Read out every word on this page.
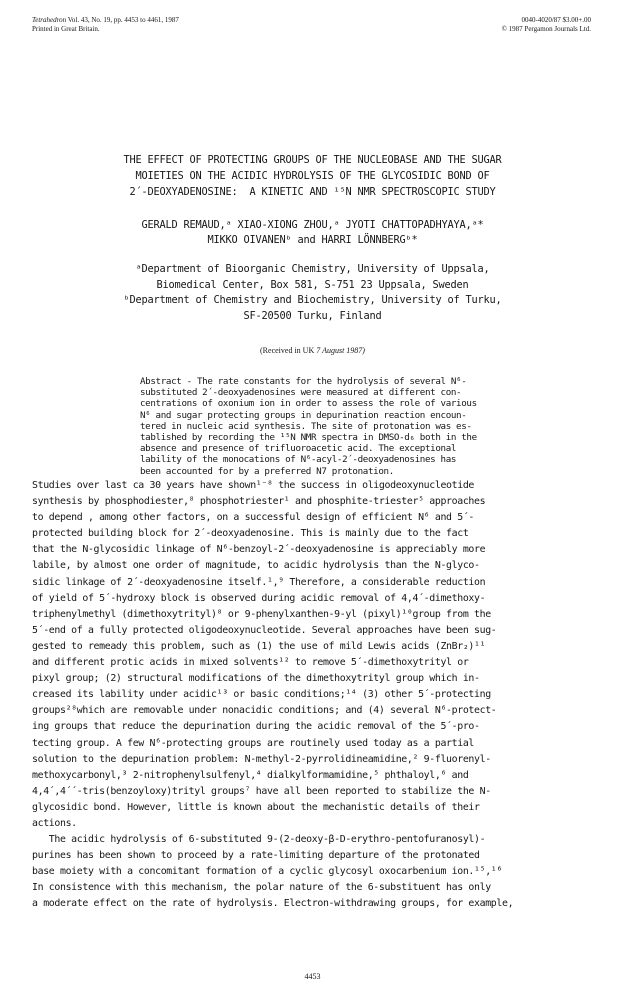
Tetrahedron Vol. 43, No. 19, pp. 4453 to 4461, 1987
Printed in Great Britain.
0040-4020/87 $3.00+.00
© 1987 Pergamon Journals Ltd.
THE EFFECT OF PROTECTING GROUPS OF THE NUCLEOBASE AND THE SUGAR
MOIETIES ON THE ACIDIC HYDROLYSIS OF THE GLYCOSIDIC BOND OF
2´-DEOXYADENOSINE:  A KINETIC AND ¹⁵N NMR SPECTROSCOPIC STUDY
GERALD REMAUD,ᵃ XIAO-XIONG ZHOU,ᵃ JYOTI CHATTOPADHYAYA,ᵃ*
MIKKO OIVANENᵇ and HARRI LÖNNBERGᵇ*
ᵃDepartment of Bioorganic Chemistry, University of Uppsala,
Biomedical Center, Box 581, S-751 23 Uppsala, Sweden
ᵇDepartment of Chemistry and Biochemistry, University of Turku,
SF-20500 Turku, Finland
(Received in UK 7 August 1987)
Abstract - The rate constants for the hydrolysis of several N⁶-
substituted 2´-deoxyadenosines were measured at different con-
centrations of oxonium ion in order to assess the role of various
N⁶ and sugar protecting groups in depurination reaction encoun-
tered in nucleic acid synthesis. The site of protonation was es-
tablished by recording the ¹⁵N NMR spectra in DMSO-d₆ both in the
absence and presence of trifluoroacetic acid. The exceptional
lability of the monocations of N⁶-acyl-2´-deoxyadenosines has
been accounted for by a preferred N7 protonation.
Studies over last ca 30 years have shown¹⁻⁸ the success in oligodeoxynucleotide
synthesis by phosphodiester,⁸ phosphotriester¹ and phosphite-triester⁵ approaches
to depend , among other factors, on a successful design of efficient N⁶ and 5´-
protected building block for 2´-deoxyadenosine. This is mainly due to the fact
that the N-glycosidic linkage of N⁶-benzoyl-2´-deoxyadenosine is appreciably more
labile, by almost one order of magnitude, to acidic hydrolysis than the N-glyco-
sidic linkage of 2´-deoxyadenosine itself.¹,⁹ Therefore, a considerable reduction
of yield of 5´-hydroxy block is observed during acidic removal of 4,4´-dimethoxy-
triphenylmethyl (dimethoxytrityl)⁸ or 9-phenylxanthen-9-yl (pixyl)¹⁰group from the
5´-end of a fully protected oligodeoxynucleotide. Several approaches have been sug-
gested to remeady this problem, such as (1) the use of mild Lewis acids (ZnBr₂)¹¹
and different protic acids in mixed solvents¹² to remove 5´-dimethoxytrityl or
pixyl group; (2) structural modifications of the dimethoxytrityl group which in-
creased its lability under acidic¹³ or basic conditions;¹⁴ (3) other 5´-protecting
groups²⁸which are removable under nonacidic conditions; and (4) several N⁶-protect-
ing groups that reduce the depurination during the acidic removal of the 5´-pro-
tecting group. A few N⁶-protecting groups are routinely used today as a partial
solution to the depurination problem: N-methyl-2-pyrrolidineamidine,² 9-fluorenyl-
methoxycarbonyl,³ 2-nitrophenylsulfenyl,⁴ dialkylformamidine,⁵ phthaloyl,⁶ and
4,4´,4´´-tris(benzoyloxy)trityl groups⁷ have all been reported to stabilize the N-
glycosidic bond. However, little is known about the mechanistic details of their
actions.
The acidic hydrolysis of 6-substituted 9-(2-deoxy-β-D-erythro-pentofuranosyl)-
purines has been shown to proceed by a rate-limiting departure of the protonated
base moiety with a concomitant formation of a cyclic glycosyl oxocarbenium ion.¹⁵,¹⁶
In consistence with this mechanism, the polar nature of the 6-substituent has only
a moderate effect on the rate of hydrolysis. Electron-withdrawing groups, for example,
4453
